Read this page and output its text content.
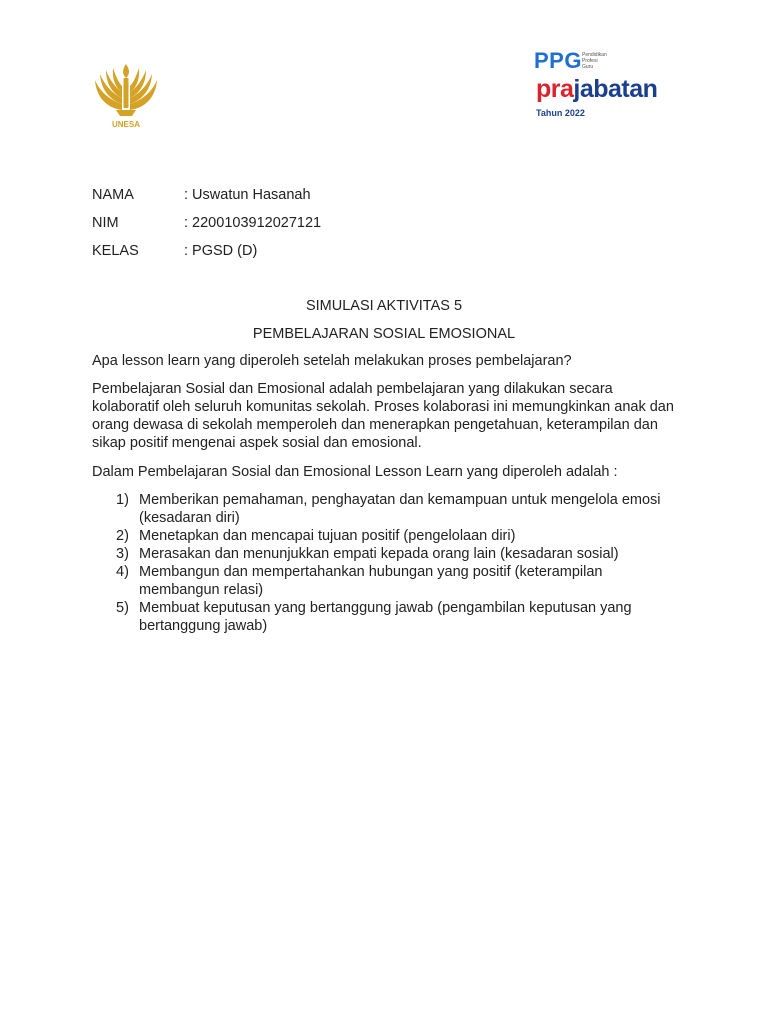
UNESA
PPG Pendidikan
Profesi
Guru
prajabatan
Tahun 2022
NAMA	: Uswatun Hasanah
NIM	: 2200103912027121
KELAS	: PGSD (D)
SIMULASI AKTIVITAS 5
PEMBELAJARAN SOSIAL EMOSIONAL

Apa lesson learn yang diperoleh setelah melakukan proses pembelajaran?

Pembelajaran Sosial dan Emosional adalah pembelajaran yang dilakukan secara kolaboratif oleh seluruh komunitas sekolah. Proses kolaborasi ini memungkinkan anak dan orang dewasa di sekolah memperoleh dan menerapkan pengetahuan, keterampilan dan sikap positif mengenai aspek sosial dan emosional.

Dalam Pembelajaran Sosial dan Emosional Lesson Learn yang diperoleh adalah :

1) Memberikan pemahaman, penghayatan dan kemampuan untuk mengelola emosi (kesadaran diri)
2) Menetapkan dan mencapai tujuan positif (pengelolaan diri)
3) Merasakan dan menunjukkan empati kepada orang lain (kesadaran sosial)
4) Membangun dan mempertahankan hubungan yang positif (keterampilan membangun relasi)
5) Membuat keputusan yang bertanggung jawab (pengambilan keputusan yang bertanggung jawab)
